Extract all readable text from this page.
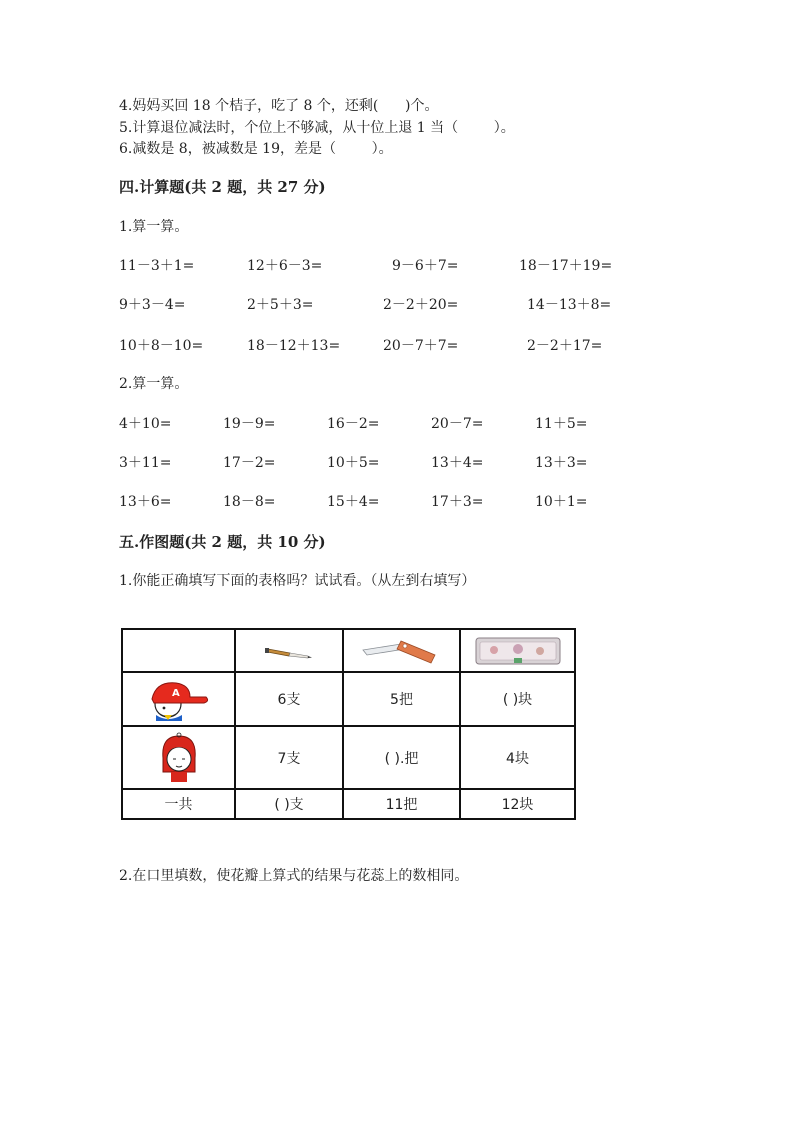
4.妈妈买回 18 个桔子，吃了 8 个，还剩(      )个。
5.计算退位减法时，个位上不够减，从十位上退 1 当（        ）。
6.减数是 8，被减数是 19，差是（        ）。
四.计算题(共 2 题，共 27 分)
1.算一算。
11－3＋1=	12＋6－3=	9－6＋7=	18－17＋19=
9＋3－4=	2＋5＋3=	2－2＋20=	14－13＋8=
10＋8－10=	18－12＋13=	20－7＋7=	2－2＋17=
2.算一算。
4＋10=	19－9=	16－2=	20－7=	11＋5=
3＋11=	17－2=	10＋5=	13＋4=	13＋3=
13＋6=	18－8=	15＋4=	17＋3=	10＋1=
五.作图题(共 2 题，共 10 分)
1.你能正确填写下面的表格吗？试试看。（从左到右填写）

A	6支	5把	( )块

	7支	( ).把	4块
一共	( )支	11把	12块
2.在口里填数，使花瓣上算式的结果与花蕊上的数相同。
